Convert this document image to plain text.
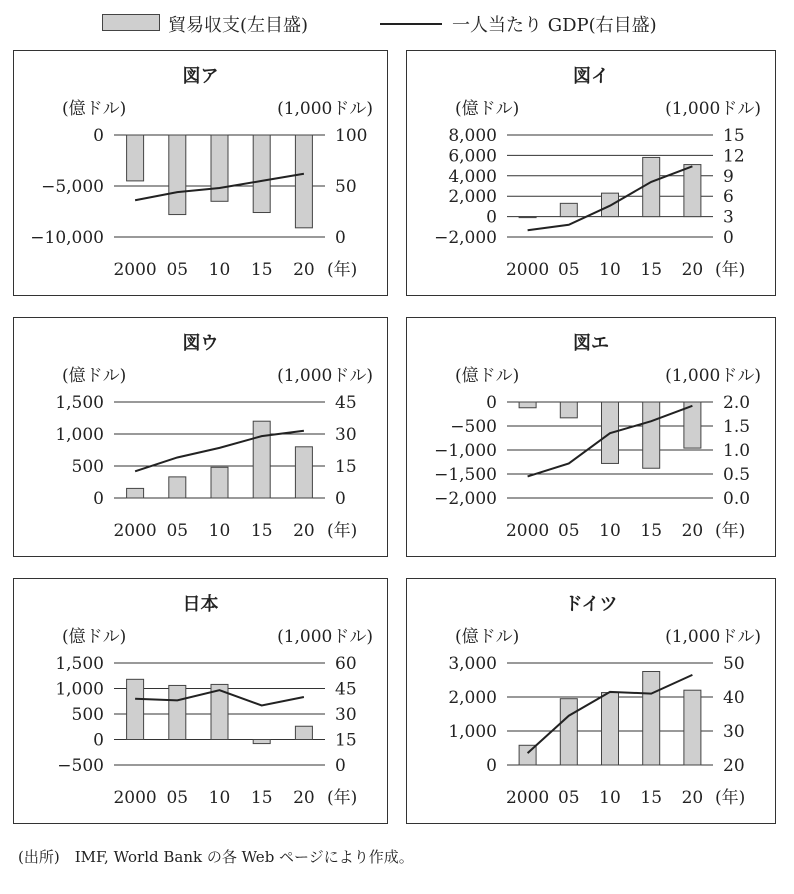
貿易収支(左目盛)	一人当たり GDP(右目盛)
図ア
(億ドル)	(1,000ドル)
0
−5,000
−10,000
100
50
0
2000 05 10 15 20 (年)
図イ
(億ドル)	(1,000ドル)
8,000
6,000
4,000
2,000
0
−2,000
15
12
9
6
3
0
2000 05 10 15 20 (年)
図ウ
(億ドル)	(1,000ドル)
1,500
1,000
500
0
45
30
15
0
2000 05 10 15 20 (年)
図エ
(億ドル)	(1,000ドル)
0
−500
−1,000
−1,500
−2,000
2.0
1.5
1.0
0.5
0.0
2000 05 10 15 20 (年)
日本
(億ドル)	(1,000ドル)
1,500
1,000
500
0
−500
60
45
30
15
0
2000 05 10 15 20 (年)
ドイツ
(億ドル)	(1,000ドル)
3,000
2,000
1,000
0
50
40
30
20
2000 05 10 15 20 (年)
(出所)　IMF, World Bank の各 Web ページにより作成。
